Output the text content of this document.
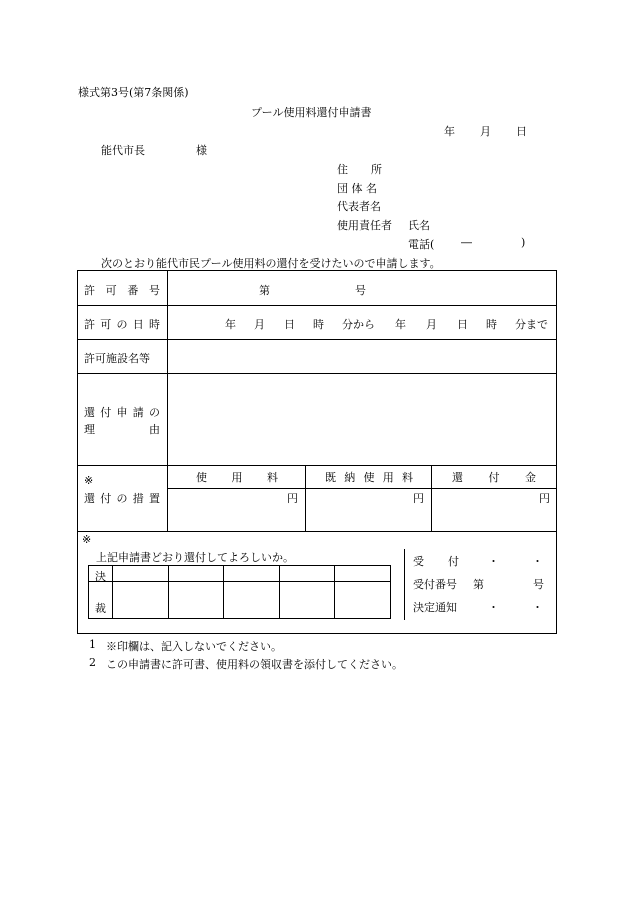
様式第3号(第7条関係)
プール使用料還付申請書
年 月 日
能代市長	様
住 所
団 体 名
代表者名
使用責任者 氏名
電話( ―	)
次のとおり能代市民プール使用料の還付を受けたいので申請します。
許 可 番 号	第	号
許 可 の 日 時	年 月 日 時 分から 年 月 日 時 分まで
許可施設名等
還 付 申 請 の
理	由
※
還 付 の 措 置
使 用 料	既 納 使 用 料	還 付 金
円	円	円
※
上記申請書どおり還付してよろしいか。
決
裁
受 付	・　　　・
受付番号 第	号
決定通知	・　　　・
1 ※印欄は、記入しないでください。
2 この申請書に許可書、使用料の領収書を添付してください。
